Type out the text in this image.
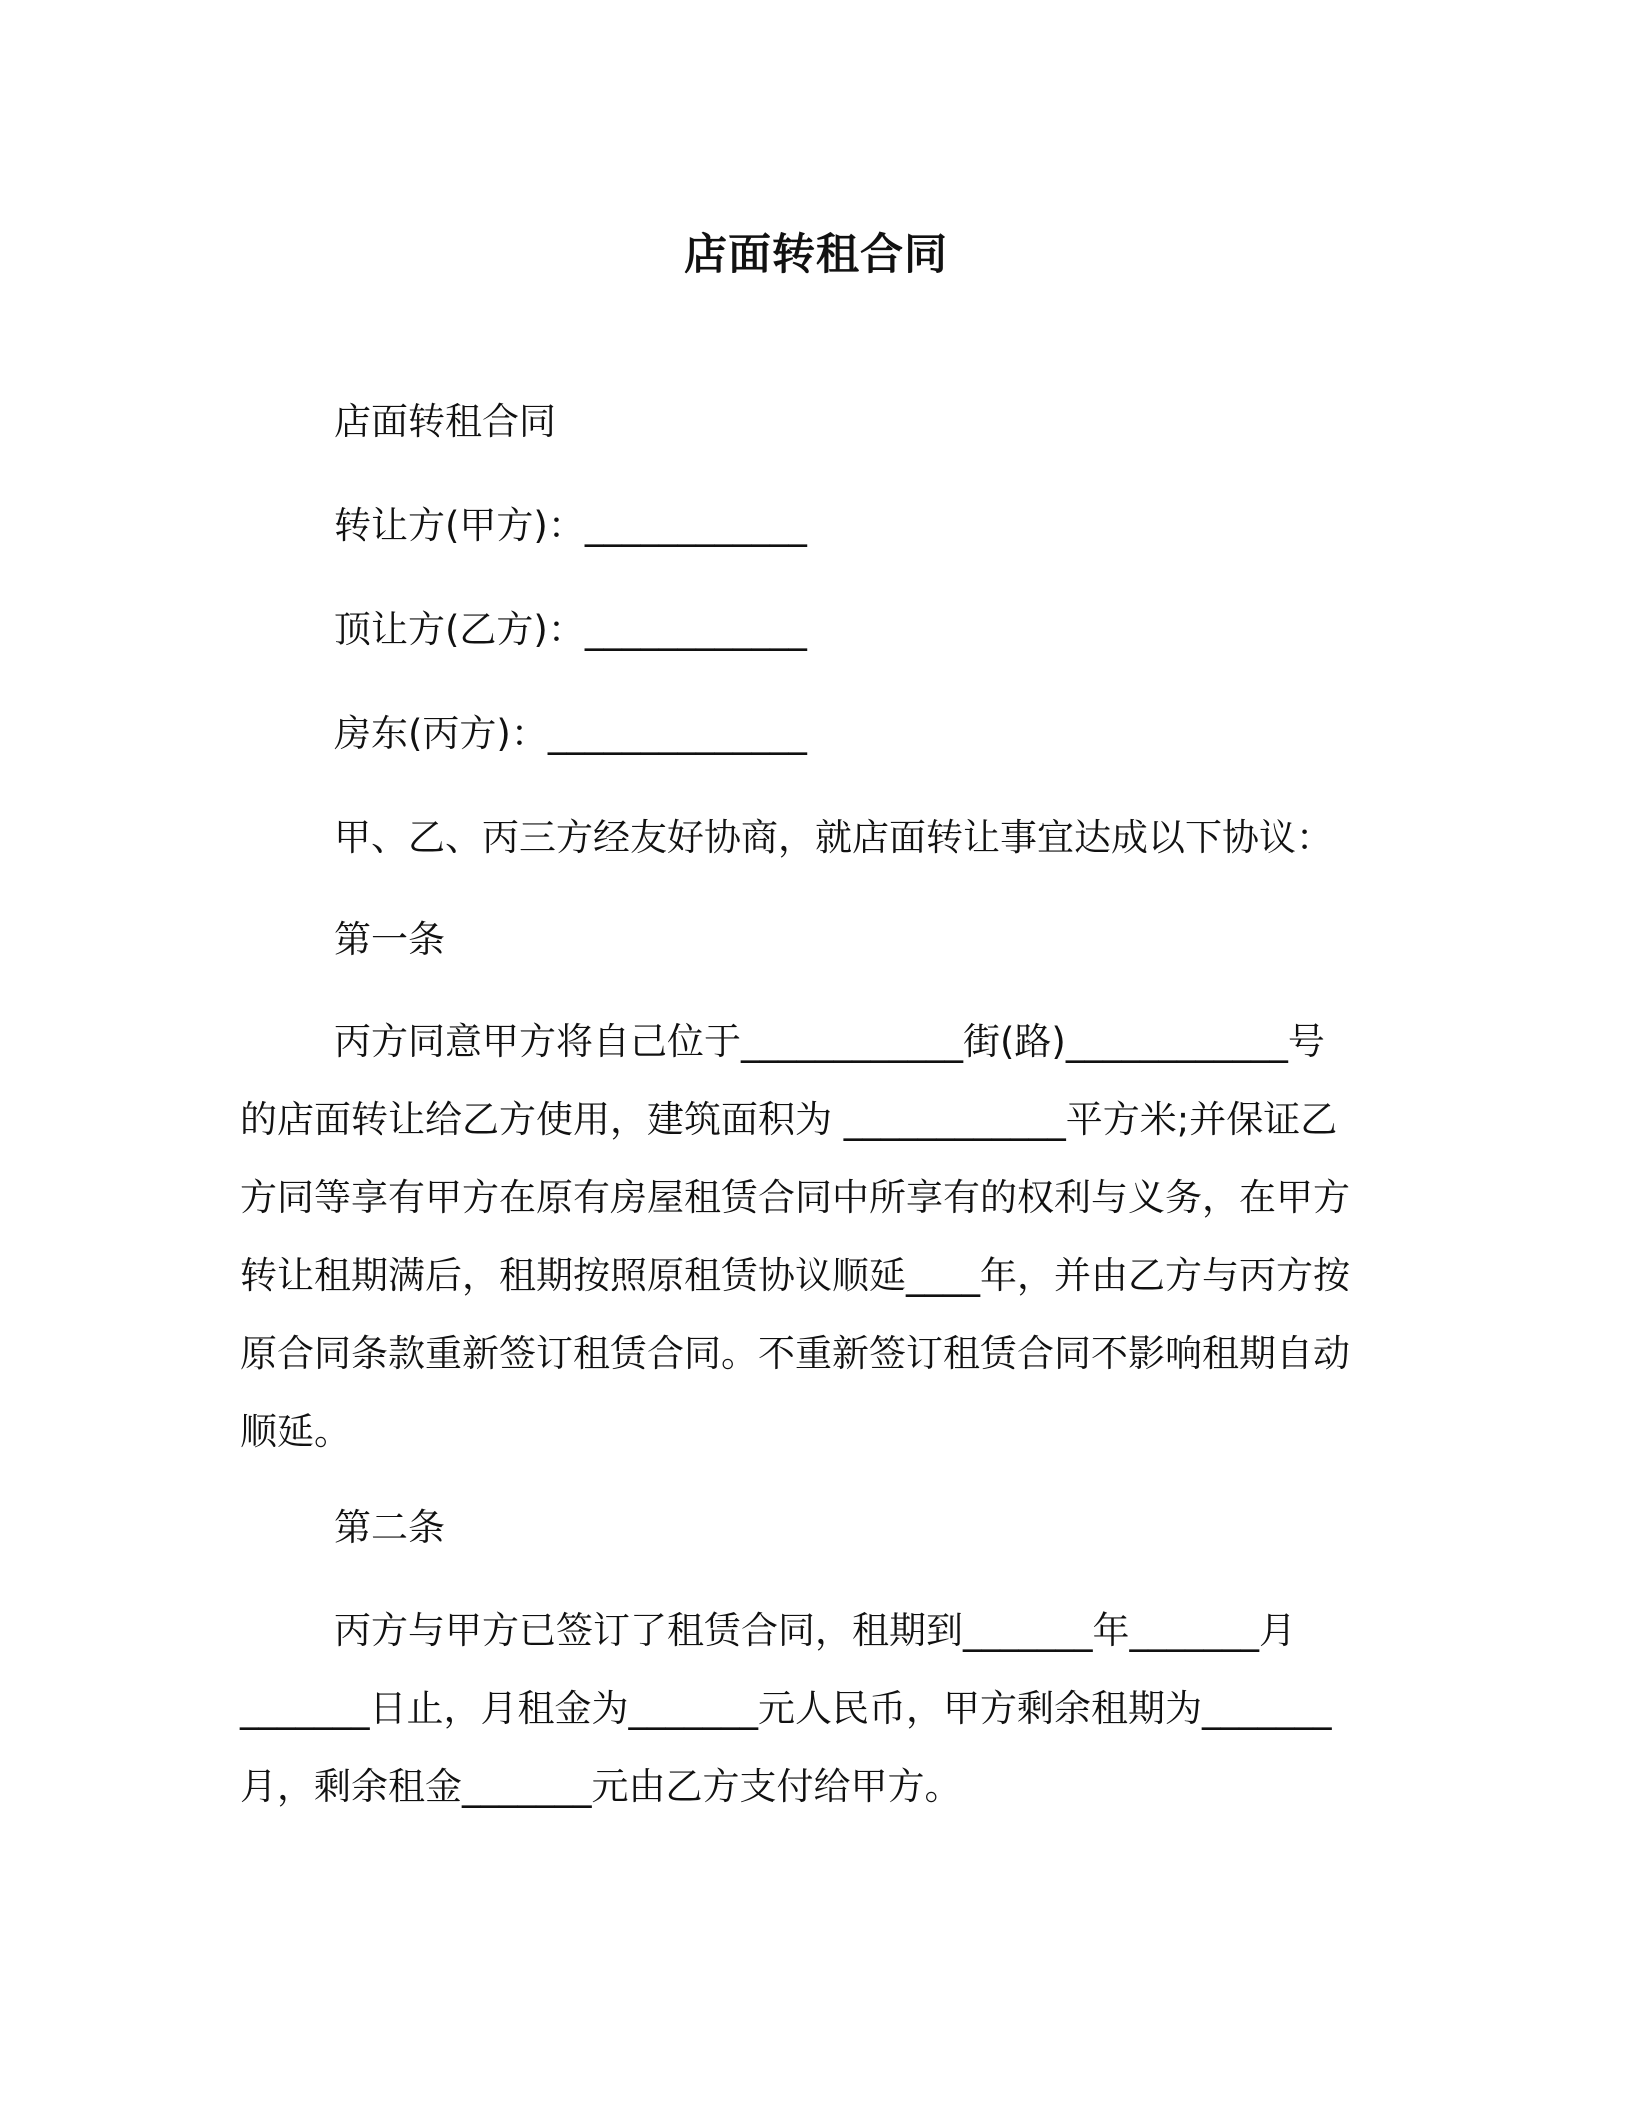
店面转租合同
店面转租合同
转让方(甲方)：____________
顶让方(乙方)：____________
房东(丙方)：______________
甲、乙、丙三方经友好协商，就店面转让事宜达成以下协议：
第一条
丙方同意甲方将自己位于____________街(路)____________号
的店面转让给乙方使用，建筑面积为 ____________平方米;并保证乙
方同等享有甲方在原有房屋租赁合同中所享有的权利与义务，在甲方
转让租期满后，租期按照原租赁协议顺延____年，并由乙方与丙方按
原合同条款重新签订租赁合同。不重新签订租赁合同不影响租期自动
顺延。
第二条
丙方与甲方已签订了租赁合同，租期到_______年_______月
_______日止，月租金为_______元人民币，甲方剩余租期为_______
月，剩余租金_______元由乙方支付给甲方。
